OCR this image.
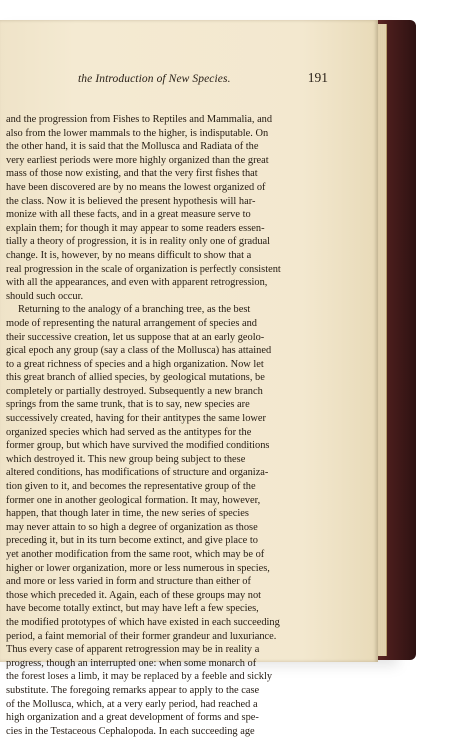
the Introduction of New Species.	191
and the progression from Fishes to Reptiles and Mammalia, and
also from the lower mammals to the higher, is indisputable. On
the other hand, it is said that the Mollusca and Radiata of the
very earliest periods were more highly organized than the great
mass of those now existing, and that the very first fishes that
have been discovered are by no means the lowest organized of
the class. Now it is believed the present hypothesis will har-
monize with all these facts, and in a great measure serve to
explain them; for though it may appear to some readers essen-
tially a theory of progression, it is in reality only one of gradual
change. It is, however, by no means difficult to show that a
real progression in the scale of organization is perfectly consistent
with all the appearances, and even with apparent retrogression,
should such occur.
Returning to the analogy of a branching tree, as the best
mode of representing the natural arrangement of species and
their successive creation, let us suppose that at an early geolo-
gical epoch any group (say a class of the Mollusca) has attained
to a great richness of species and a high organization. Now let
this great branch of allied species, by geological mutations, be
completely or partially destroyed. Subsequently a new branch
springs from the same trunk, that is to say, new species are
successively created, having for their antitypes the same lower
organized species which had served as the antitypes for the
former group, but which have survived the modified conditions
which destroyed it. This new group being subject to these
altered conditions, has modifications of structure and organiza-
tion given to it, and becomes the representative group of the
former one in another geological formation. It may, however,
happen, that though later in time, the new series of species
may never attain to so high a degree of organization as those
preceding it, but in its turn become extinct, and give place to
yet another modification from the same root, which may be of
higher or lower organization, more or less numerous in species,
and more or less varied in form and structure than either of
those which preceded it. Again, each of these groups may not
have become totally extinct, but may have left a few species,
the modified prototypes of which have existed in each succeeding
period, a faint memorial of their former grandeur and luxuriance.
Thus every case of apparent retrogression may be in reality a
progress, though an interrupted one: when some monarch of
the forest loses a limb, it may be replaced by a feeble and sickly
substitute. The foregoing remarks appear to apply to the case
of the Mollusca, which, at a very early period, had reached a
high organization and a great development of forms and spe-
cies in the Testaceous Cephalopoda. In each succeeding age
